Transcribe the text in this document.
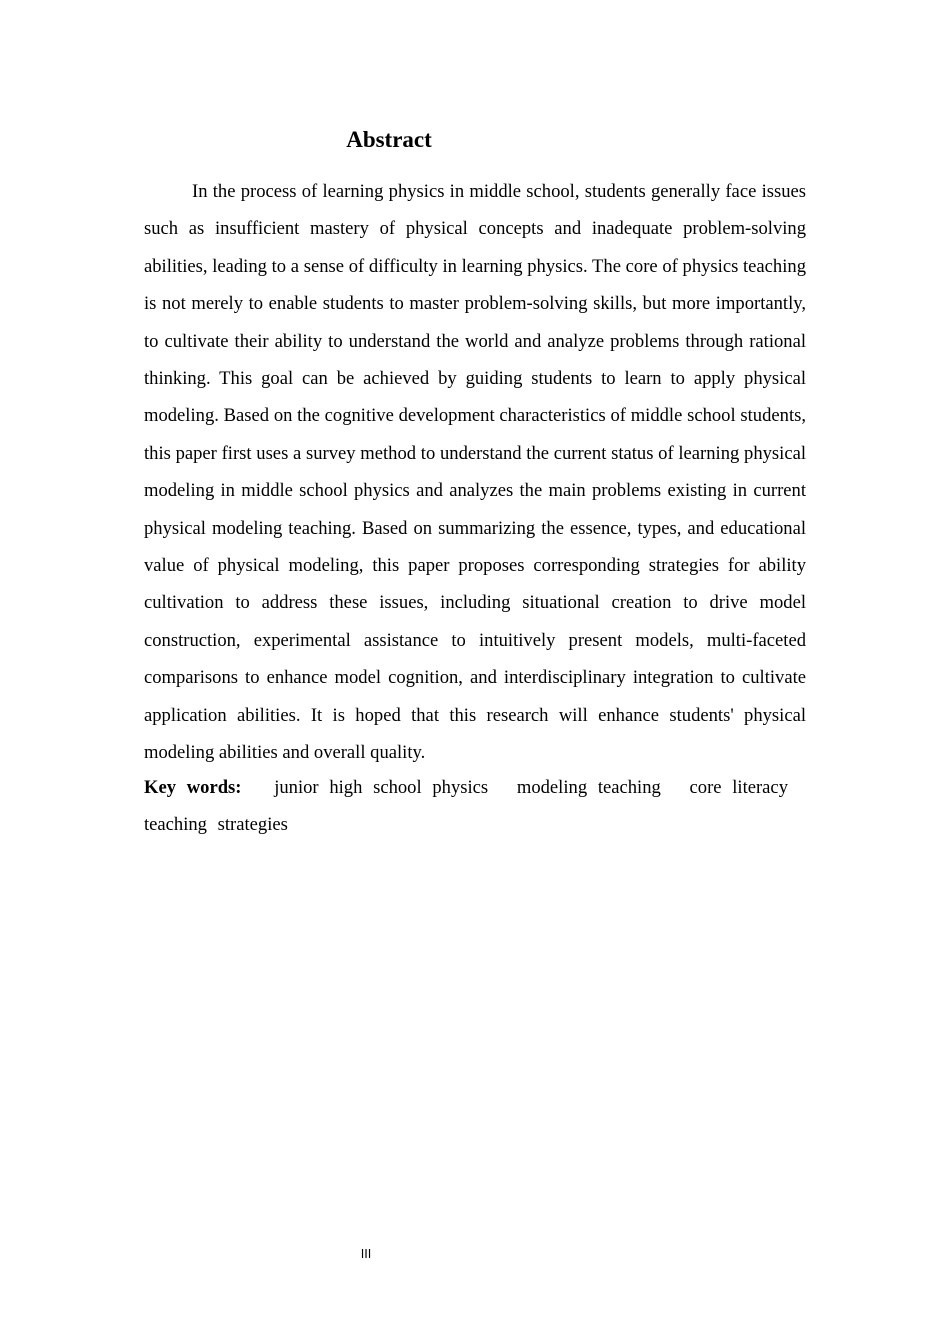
Abstract

In the process of learning physics in middle school, students generally face issues such as insufficient mastery of physical concepts and inadequate problem-solving abilities, leading to a sense of difficulty in learning physics. The core of physics teaching is not merely to enable students to master problem-solving skills, but more importantly, to cultivate their ability to understand the world and analyze problems through rational thinking. This goal can be achieved by guiding students to learn to apply physical modeling. Based on the cognitive development characteristics of middle school students, this paper first uses a survey method to understand the current status of learning physical modeling in middle school physics and analyzes the main problems existing in current physical modeling teaching. Based on summarizing the essence, types, and educational value of physical modeling, this paper proposes corresponding strategies for ability cultivation to address these issues, including situational creation to drive model construction, experimental assistance to intuitively present models, multi-faceted comparisons to enhance model cognition, and interdisciplinary integration to cultivate application abilities. It is hoped that this research will enhance students' physical modeling abilities and overall quality.

Key words: junior high school physics modeling teaching core literacy teaching strategies

III
